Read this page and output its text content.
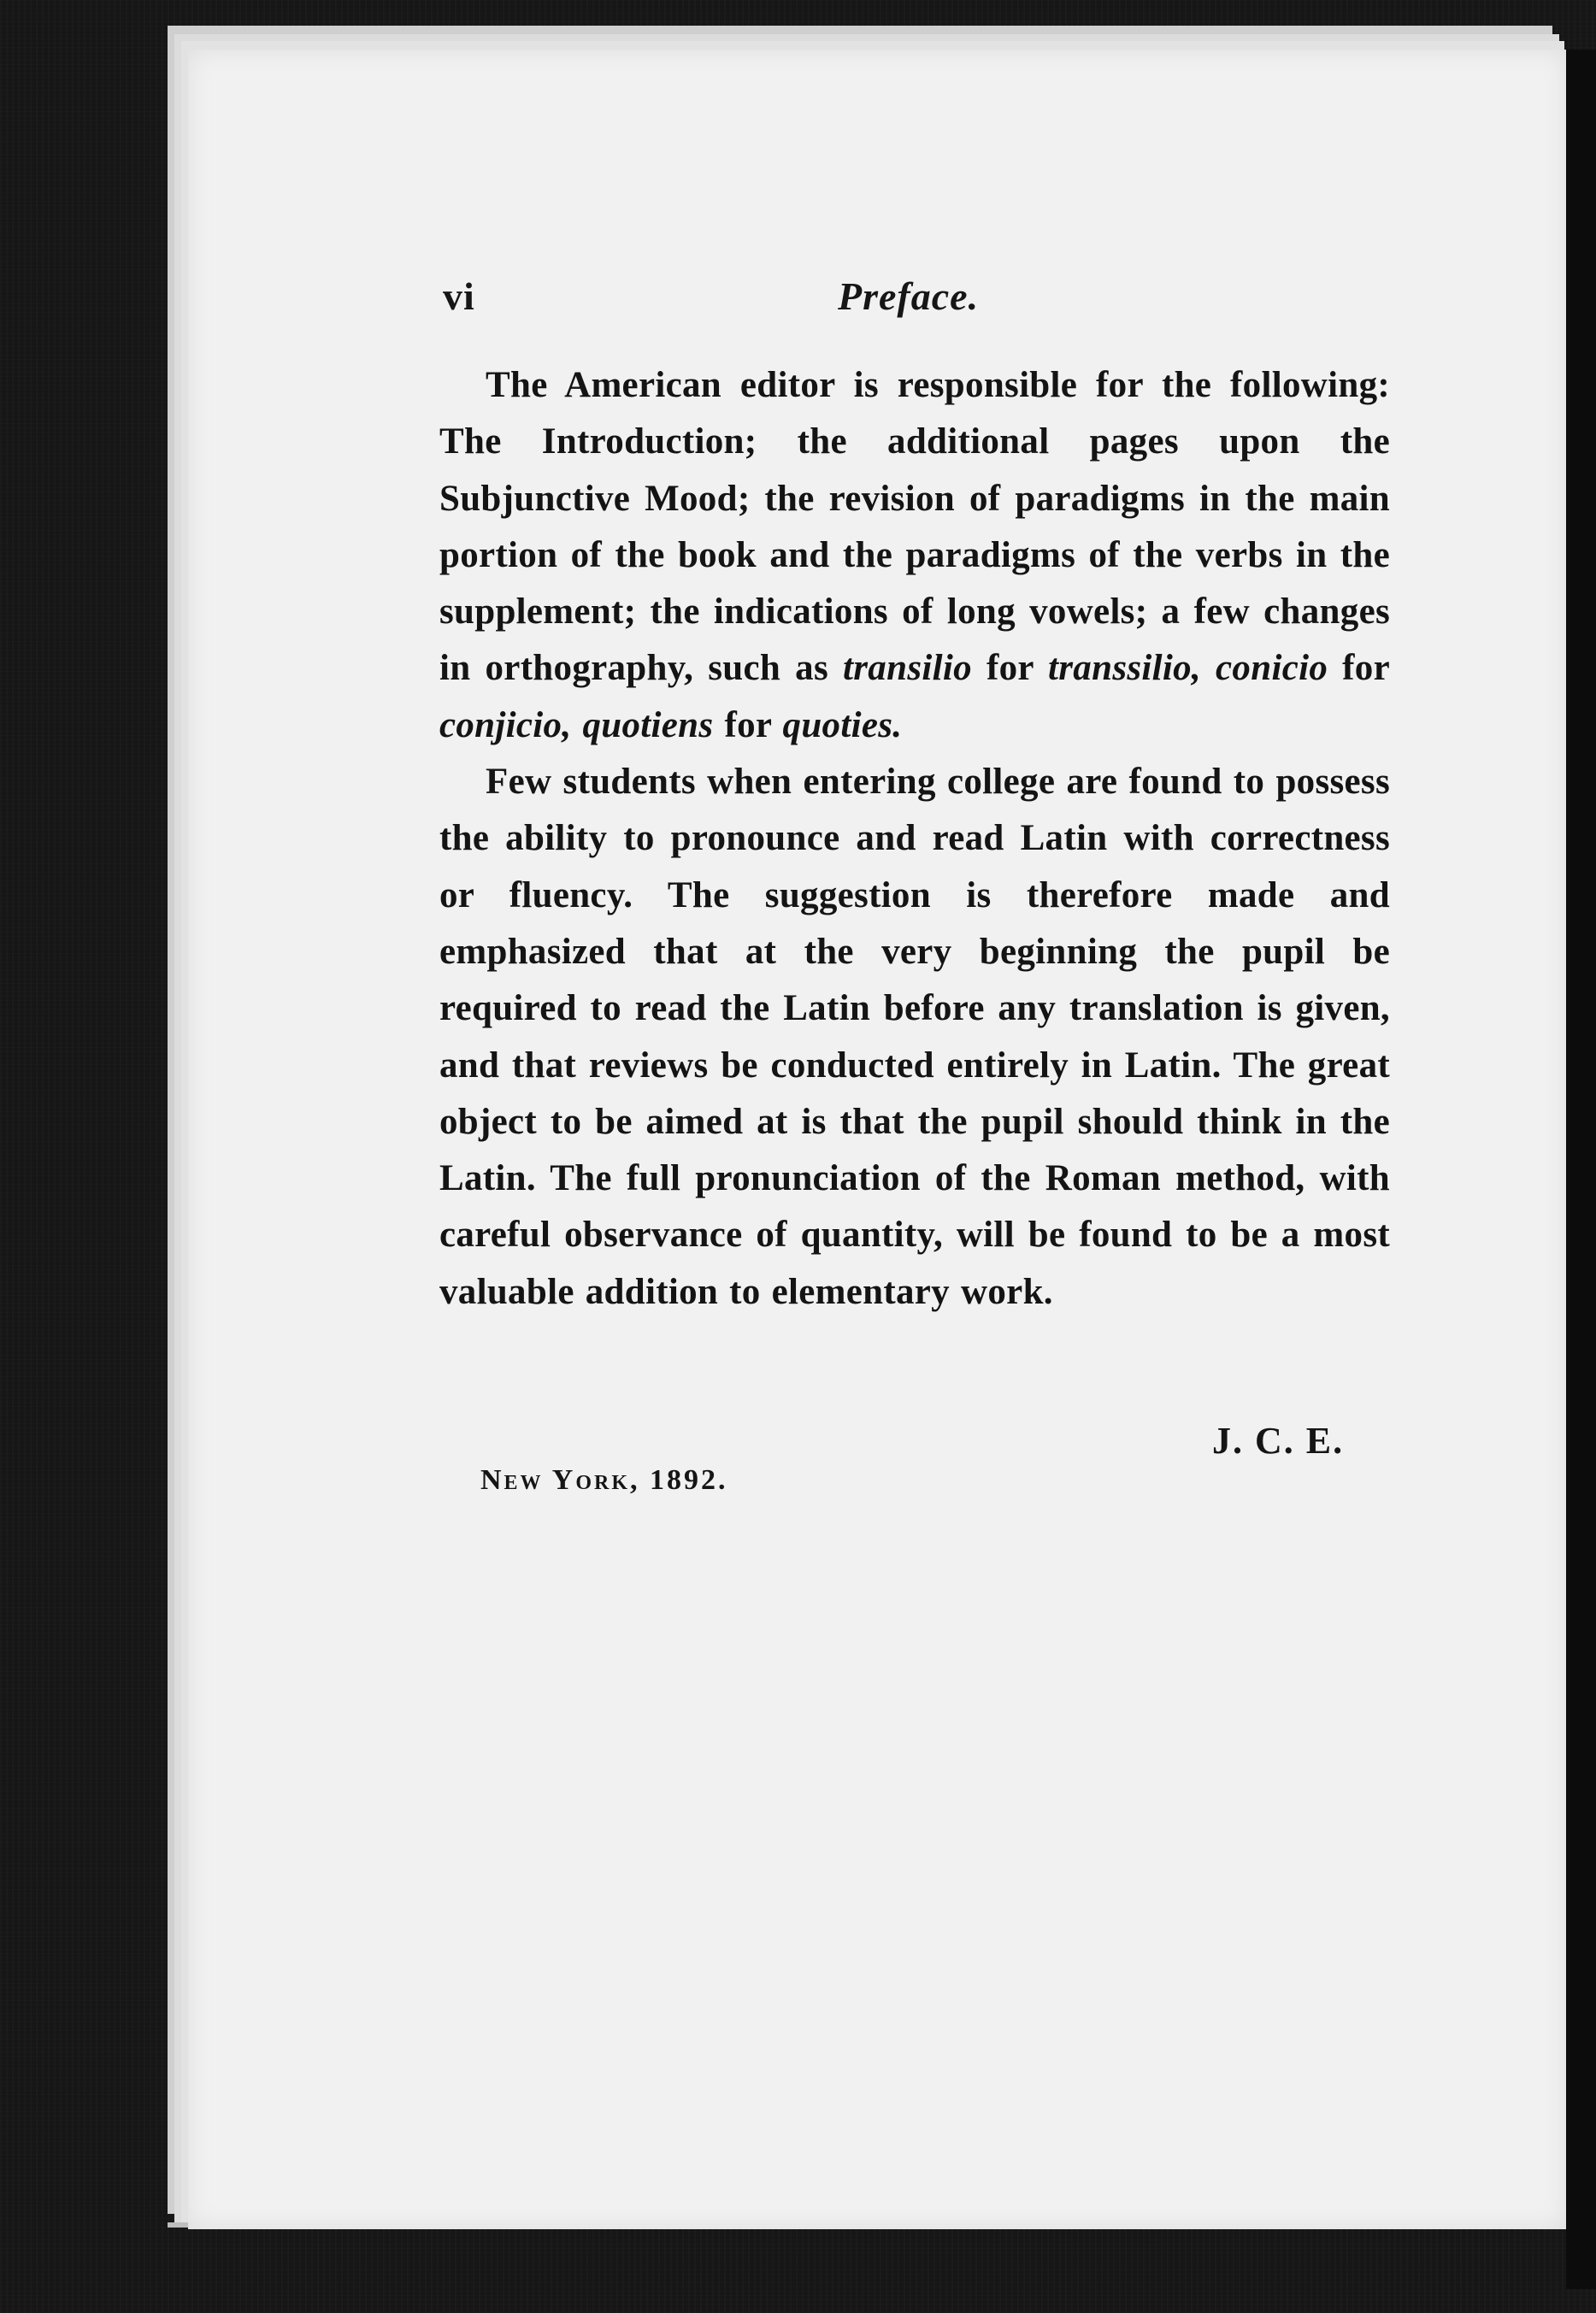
vi	Preface.

The American editor is responsible for the following: The Introduction; the additional pages upon the Subjunctive Mood; the revision of paradigms in the main portion of the book and the paradigms of the verbs in the supplement; the indications of long vowels; a few changes in orthography, such as transilio for transsilio, conicio for conjicio, quotiens for quoties.

Few students when entering college are found to possess the ability to pronounce and read Latin with correctness or fluency. The suggestion is therefore made and emphasized that at the very beginning the pupil be required to read the Latin before any translation is given, and that reviews be conducted entirely in Latin. The great object to be aimed at is that the pupil should think in the Latin. The full pronunciation of the Roman method, with careful observance of quantity, will be found to be a most valuable addition to elementary work.

J. C. E.
New York, 1892.
